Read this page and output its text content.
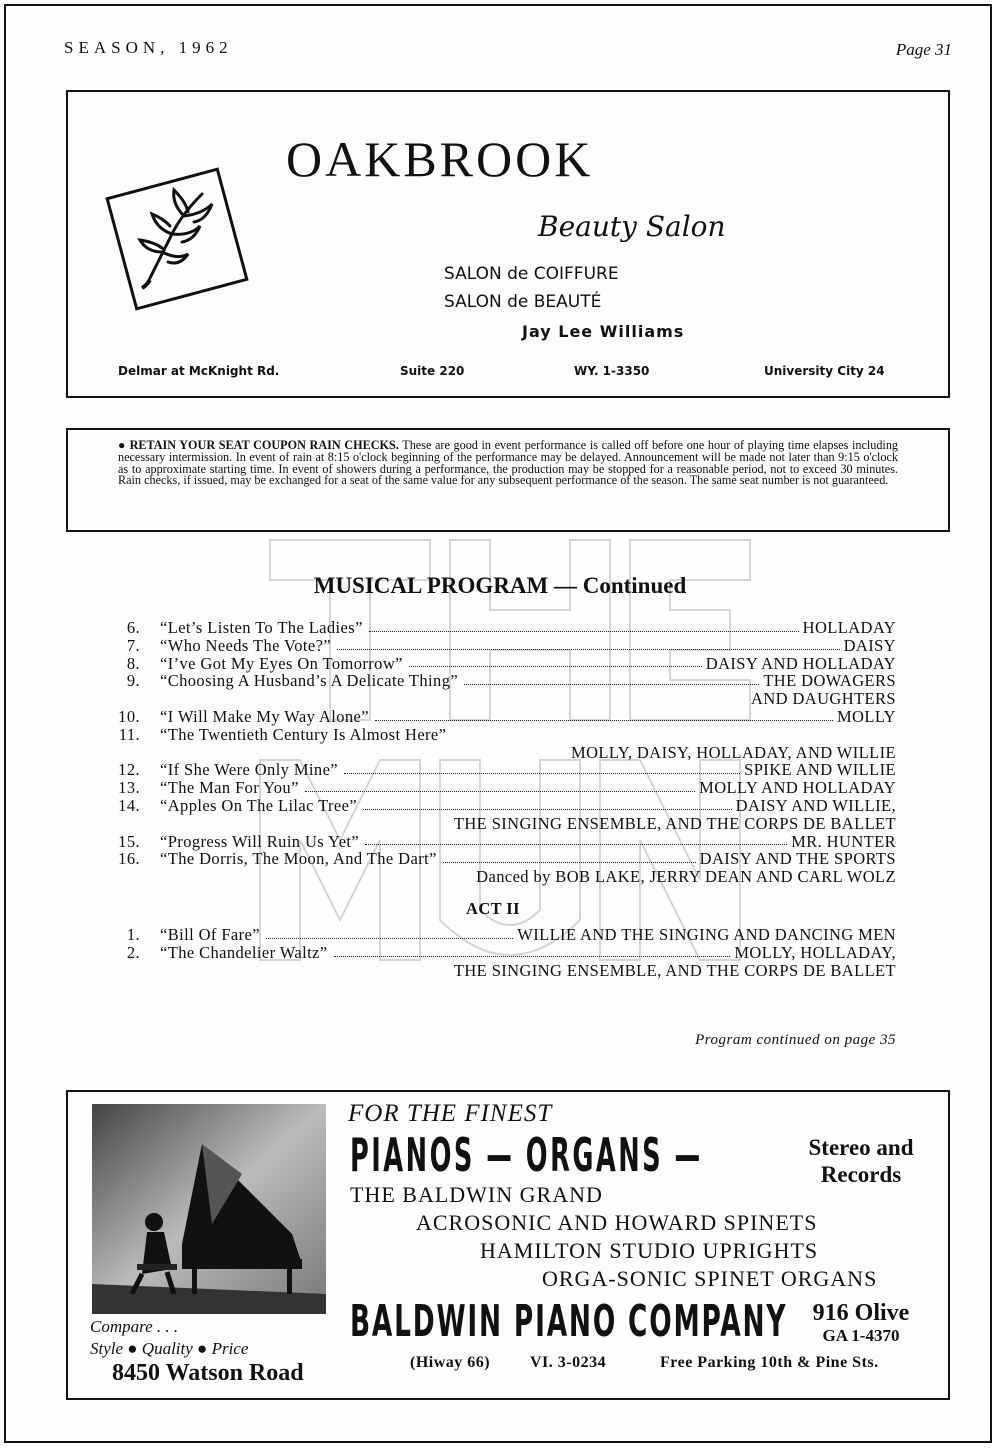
SEASON, 1962	Page 31
OAKBROOK
Beauty Salon
SALON de COIFFURE
SALON de BEAUTÉ
Jay Lee Williams
Delmar at McKnight Rd.	Suite 220	WY. 1-3350	University City 24
● RETAIN YOUR SEAT COUPON RAIN CHECKS. These are good in event performance is called off before one hour of playing time elapses including necessary intermission. In event of rain at 8:15 o'clock beginning of the performance may be delayed. Announcement will be made not later than 9:15 o'clock as to approximate starting time. In event of showers during a performance, the production may be stopped for a reasonable period, not to exceed 30 minutes. Rain checks, if issued, may be exchanged for a seat of the same value for any subsequent performance of the season. The same seat number is not guaranteed.
MUSICAL PROGRAM — Continued
6. “Let’s Listen To The Ladies”	HOLLADAY
7. “Who Needs The Vote?”	DAISY
8. “I’ve Got My Eyes On Tomorrow”	DAISY AND HOLLADAY
9. “Choosing A Husband’s A Delicate Thing”	THE DOWAGERS
AND DAUGHTERS
10. “I Will Make My Way Alone”	MOLLY
11. “The Twentieth Century Is Almost Here”
MOLLY, DAISY, HOLLADAY, AND WILLIE
12. “If She Were Only Mine”	SPIKE AND WILLIE
13. “The Man For You”	MOLLY AND HOLLADAY
14. “Apples On The Lilac Tree”	DAISY AND WILLIE,
THE SINGING ENSEMBLE, AND THE CORPS DE BALLET
15. “Progress Will Ruin Us Yet”	MR. HUNTER
16. “The Dorris, The Moon, And The Dart”	DAISY AND THE SPORTS
Danced by BOB LAKE, JERRY DEAN AND CARL WOLZ
ACT II
1. “Bill Of Fare”	WILLIE AND THE SINGING AND DANCING MEN
2. “The Chandelier Waltz”	MOLLY, HOLLADAY,
THE SINGING ENSEMBLE, AND THE CORPS DE BALLET
Program continued on page 35
Compare . . .
Style ● Quality ● Price
8450 Watson Road
FOR THE FINEST
PIANOS — ORGANS —	Stereo and Records
THE BALDWIN GRAND
ACROSONIC AND HOWARD SPINETS
HAMILTON STUDIO UPRIGHTS
ORGA-SONIC SPINET ORGANS
BALDWIN PIANO COMPANY 916 Olive
GA 1-4370
(Hiway 66) VI. 3-0234	Free Parking 10th & Pine Sts.
